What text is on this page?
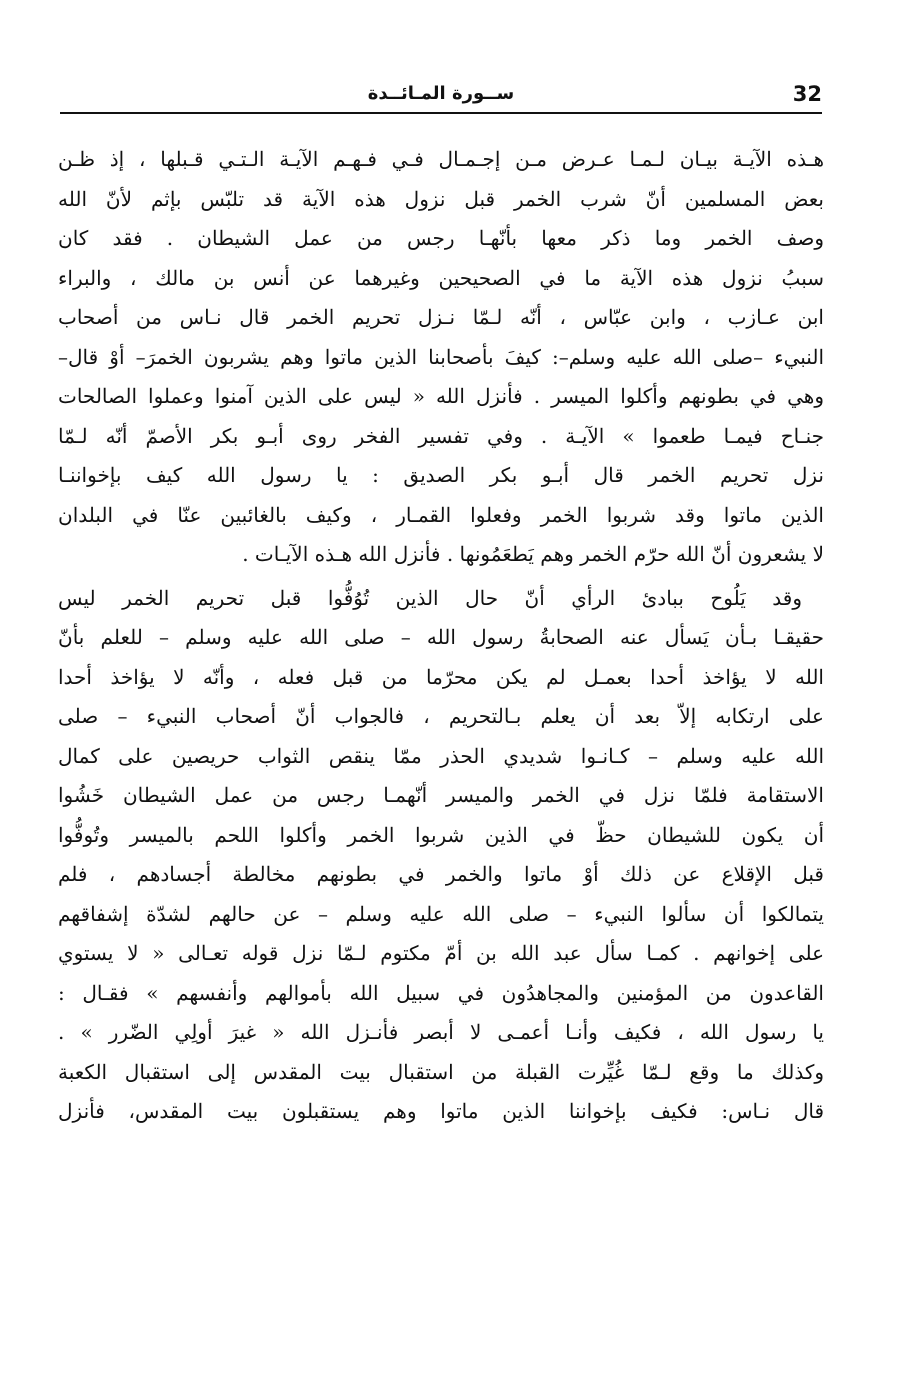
32
ســورة المـائــدة
هـذه الآيـة بيـان لـمـا عـرض مـن إجـمـال فـي فـهـم الآيـة الـتـي قـبلها ، إذ ظـن
بعض المسلمين أنّ شرب الخمر قبل نزول هذه الآية قد تلبّس بإثم لأنّ الله
وصف الخمر وما ذكر معها بأنّهـا رجس من عمل الشيطان . فقد كان
سببُ نزول هذه الآية ما في الصحيحين وغيرهما عن أنس بن مالك ، والبراء
ابن عـازب ، وابن عبّاس ، أنّه لـمّا نـزل تحريم الخمر قال نـاس من أصحاب
النبيء –صلى الله عليه وسلم–: كيفَ بأصحابنا الذين ماتوا وهم يشربون الخمرَ– أوْ قال–
وهي في بطونهم وأكلوا الميسر . فأنزل الله « ليس على الذين آمنوا وعملوا الصالحات
جنـاح فيمـا طعموا » الآيـة . وفي تفسير الفخر روى أبـو بكر الأصمّ أنّه لـمّا
نزل تحريم الخمر قال أبـو بكر الصديق : يا رسول الله كيف بإخواننـا
الذين ماتوا وقد شربوا الخمر وفعلوا القمـار ، وكيف بالغائبين عنّا في البلدان
لا يشعرون أنّ الله حرّم الخمر وهم يَطعَمُونها . فأنزل الله هـذه الآيـات .
وقد يَلُوح ببادئ الرأي أنّ حال الذين تُوُفُّوا قبل تحريم الخمر ليس
حقيقـا بـأن يَسأل عنه الصحابةُ رسول الله – صلى الله عليه وسلم – للعلم بأنّ
الله لا يؤاخذ أحدا بعمـل لم يكن محرّما من قبل فعله ، وأنّه لا يؤاخذ أحدا
على ارتكابه إلاّ بعد أن يعلم بـالتحريم ، فالجواب أنّ أصحاب النبيء – صلى
الله عليه وسلم – كـانـوا شديدي الحذر ممّا ينقص الثواب حريصين على كمال
الاستقامة فلمّا نزل في الخمر والميسر أنّهمـا رجس من عمل الشيطان خَشُوا
أن يكون للشيطان حظّ في الذين شربوا الخمر وأكلوا اللحم بالميسر وتُوفُّوا
قبل الإقلاع عن ذلك أوْ ماتوا والخمر في بطونهم مخالطة أجسادهم ، فلم
يتمالكوا أن سألوا النبيء – صلى الله عليه وسلم – عن حالهم لشدّة إشفاقهم
على إخوانهم . كمـا سأل عبد الله بن أمّ مكتوم لـمّا نزل قوله تعـالى « لا يستوي
القاعدون من المؤمنين والمجاهدُون في سبيل الله بأموالهم وأنفسهم » فقـال :
يا رسول الله ، فكيف وأنـا أعمـى لا أبصر فأنـزل الله « غيرَ أولِي الضّرر » .
وكذلك ما وقع لـمّا غُيِّرت القبلة من استقبال بيت المقدس إلى استقبال الكعبة
قال نـاس: فكيف بإخواننا الذين ماتوا وهم يستقبلون بيت المقدس، فأنزل
